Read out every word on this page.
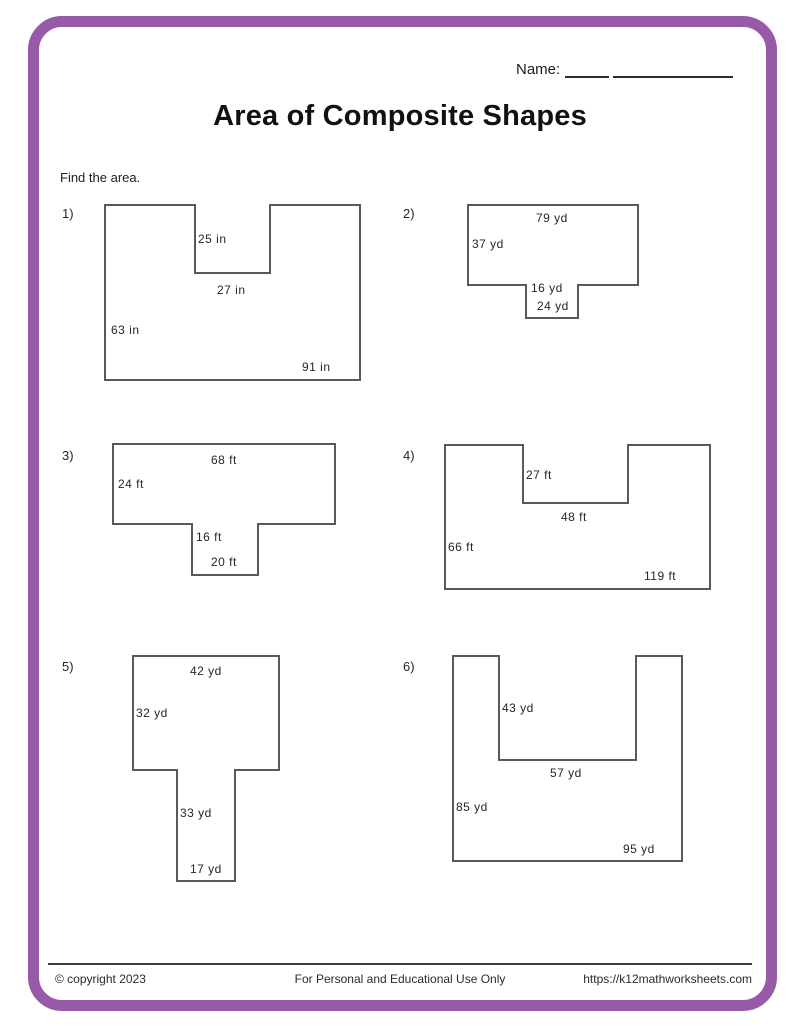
Name:
Area of Composite Shapes
Find the area.
1)
25 in
27 in
63 in
91 in
2)	79 yd
37 yd
16 yd
24 yd
3)	68 ft
24 ft
16 ft
20 ft
4)
27 ft
48 ft
66 ft
119 ft
5)	42 yd
32 yd
33 yd
17 yd
6)
43 yd
57 yd
85 yd
95 yd
© copyright 2023	For Personal and Educational Use Only	https://k12mathworksheets.com
